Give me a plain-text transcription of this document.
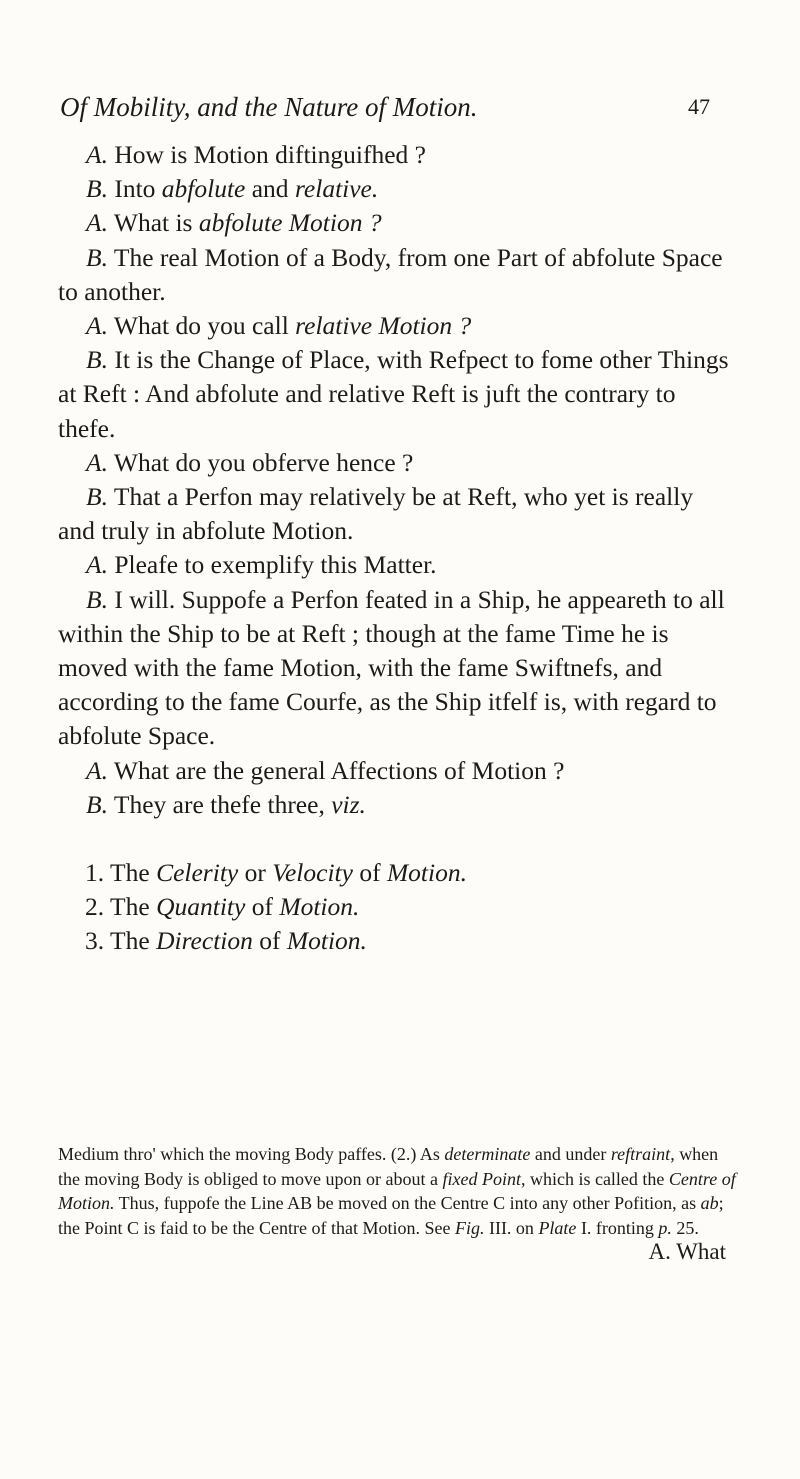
Of Mobility, and the Nature of Motion.	47

A. How is Motion diftinguifhed ?

B. Into abfolute and relative.

A. What is abfolute Motion ?

B. The real Motion of a Body, from one Part of abfolute Space to another.

A. What do you call relative Motion ?

B. It is the Change of Place, with Refpect to fome other Things at Reft : And abfolute and relative Reft is juft the contrary to thefe.

A. What do you obferve hence ?

B. That a Perfon may relatively be at Reft, who yet is really and truly in abfolute Motion.

A. Pleafe to exemplify this Matter.

B. I will. Suppofe a Perfon feated in a Ship, he appeareth to all within the Ship to be at Reft ; though at the fame Time he is moved with the fame Motion, with the fame Swiftnefs, and according to the fame Courfe, as the Ship itfelf is, with regard to abfolute Space.

A. What are the general Affections of Motion ?

B. They are thefe three, viz.

1. The Celerity or Velocity of Motion.

2. The Quantity of Motion.

3. The Direction of Motion.

Medium thro' which the moving Body paffes. (2.) As determinate and under reftraint, when the moving Body is obliged to move upon or about a fixed Point, which is called the Centre of Motion. Thus, fuppofe the Line AB be moved on the Centre C into any other Pofition, as ab; the Point C is faid to be the Centre of that Motion. See Fig. III. on Plate I. fronting p. 25.

A. What
